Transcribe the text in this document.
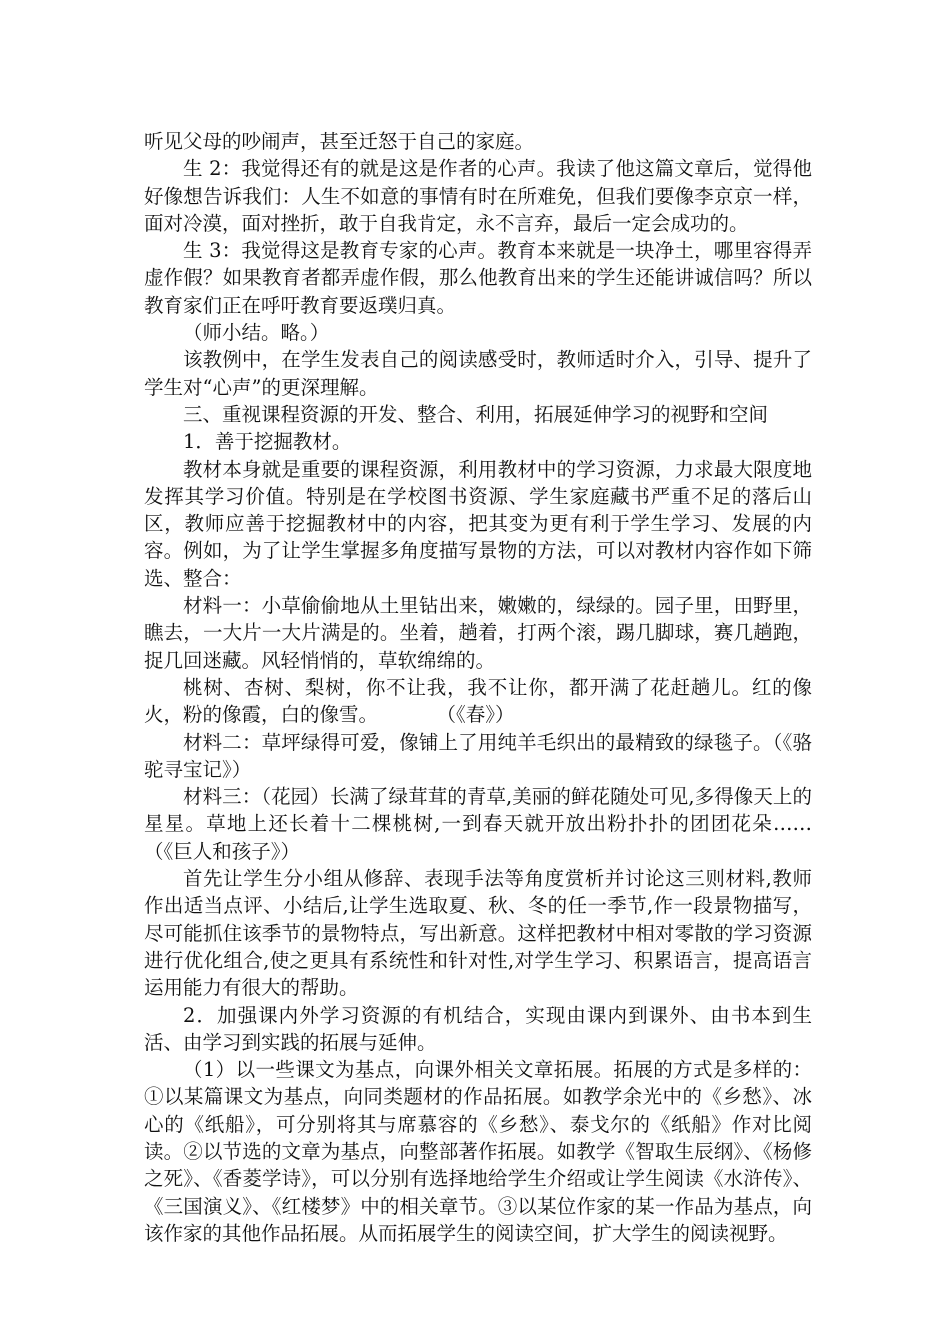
听见父母的吵闹声，甚至迁怒于自己的家庭。

生 2：我觉得还有的就是这是作者的心声。我读了他这篇文章后，觉得他好像想告诉我们：人生不如意的事情有时在所难免，但我们要像李京京一样，面对冷漠，面对挫折，敢于自我肯定，永不言弃，最后一定会成功的。

生 3：我觉得这是教育专家的心声。教育本来就是一块净土，哪里容得弄虚作假？如果教育者都弄虚作假，那么他教育出来的学生还能讲诚信吗？所以教育家们正在呼吁教育要返璞归真。

（师小结。略。）

该教例中，在学生发表自己的阅读感受时，教师适时介入，引导、提升了学生对“心声”的更深理解。

三、重视课程资源的开发、整合、利用，拓展延伸学习的视野和空间

1．善于挖掘教材。

教材本身就是重要的课程资源，利用教材中的学习资源，力求最大限度地发挥其学习价值。特别是在学校图书资源、学生家庭藏书严重不足的落后山区，教师应善于挖掘教材中的内容，把其变为更有利于学生学习、发展的内容。例如，为了让学生掌握多角度描写景物的方法，可以对教材内容作如下筛选、整合：

材料一：小草偷偷地从土里钻出来，嫩嫩的，绿绿的。园子里，田野里，瞧去，一大片一大片满是的。坐着，趟着，打两个滚，踢几脚球，赛几趟跑，捉几回迷藏。风轻悄悄的，草软绵绵的。

桃树、杏树、梨树，你不让我，我不让你，都开满了花赶趟儿。红的像火，粉的像霞，白的像雪。　　　　（《春》）

材料二：草坪绿得可爱，像铺上了用纯羊毛织出的最精致的绿毯子。（《骆驼寻宝记》）

材料三：（花园）长满了绿茸茸的青草,美丽的鲜花随处可见,多得像天上的星星。草地上还长着十二棵桃树,一到春天就开放出粉扑扑的团团花朵……（《巨人和孩子》）

首先让学生分小组从修辞、表现手法等角度赏析并讨论这三则材料,教师作出适当点评、小结后,让学生选取夏、秋、冬的任一季节,作一段景物描写，尽可能抓住该季节的景物特点，写出新意。这样把教材中相对零散的学习资源进行优化组合,使之更具有系统性和针对性,对学生学习、积累语言，提高语言运用能力有很大的帮助。

2．加强课内外学习资源的有机结合，实现由课内到课外、由书本到生活、由学习到实践的拓展与延伸。

（1）以一些课文为基点，向课外相关文章拓展。拓展的方式是多样的：①以某篇课文为基点，向同类题材的作品拓展。如教学余光中的《乡愁》、冰心的《纸船》，可分别将其与席慕容的《乡愁》、泰戈尔的《纸船》作对比阅读。②以节选的文章为基点，向整部著作拓展。如教学《智取生辰纲》、《杨修之死》、《香菱学诗》，可以分别有选择地给学生介绍或让学生阅读《水浒传》、《三国演义》、《红楼梦》中的相关章节。③以某位作家的某一作品为基点，向该作家的其他作品拓展。从而拓展学生的阅读空间，扩大学生的阅读视野。
